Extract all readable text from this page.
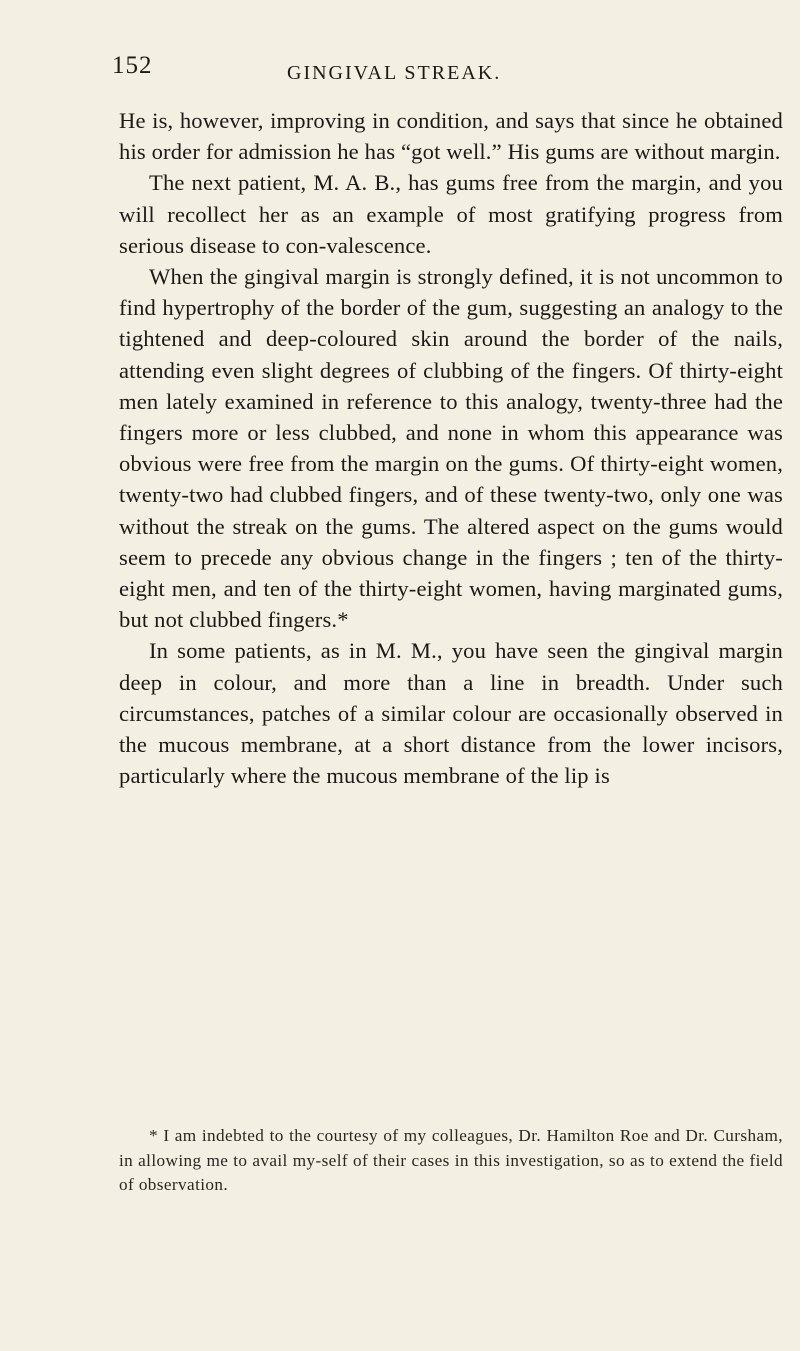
152	GINGIVAL STREAK.

He is, however, improving in condition, and says that since he obtained his order for admission he has “got well.” His gums are without margin.

The next patient, M. A. B., has gums free from the margin, and you will recollect her as an example of most gratifying progress from serious disease to con-valescence.

When the gingival margin is strongly defined, it is not uncommon to find hypertrophy of the border of the gum, suggesting an analogy to the tightened and deep-coloured skin around the border of the nails, attending even slight degrees of clubbing of the fingers. Of thirty-eight men lately examined in reference to this analogy, twenty-three had the fingers more or less clubbed, and none in whom this appearance was obvious were free from the margin on the gums. Of thirty-eight women, twenty-two had clubbed fingers, and of these twenty-two, only one was without the streak on the gums. The altered aspect on the gums would seem to precede any obvious change in the fingers ; ten of the thirty-eight men, and ten of the thirty-eight women, having marginated gums, but not clubbed fingers.*

In some patients, as in M. M., you have seen the gingival margin deep in colour, and more than a line in breadth. Under such circumstances, patches of a similar colour are occasionally observed in the mucous membrane, at a short distance from the lower incisors, particularly where the mucous membrane of the lip is

* I am indebted to the courtesy of my colleagues, Dr. Hamilton Roe and Dr. Cursham, in allowing me to avail my-self of their cases in this investigation, so as to extend the field of observation.
